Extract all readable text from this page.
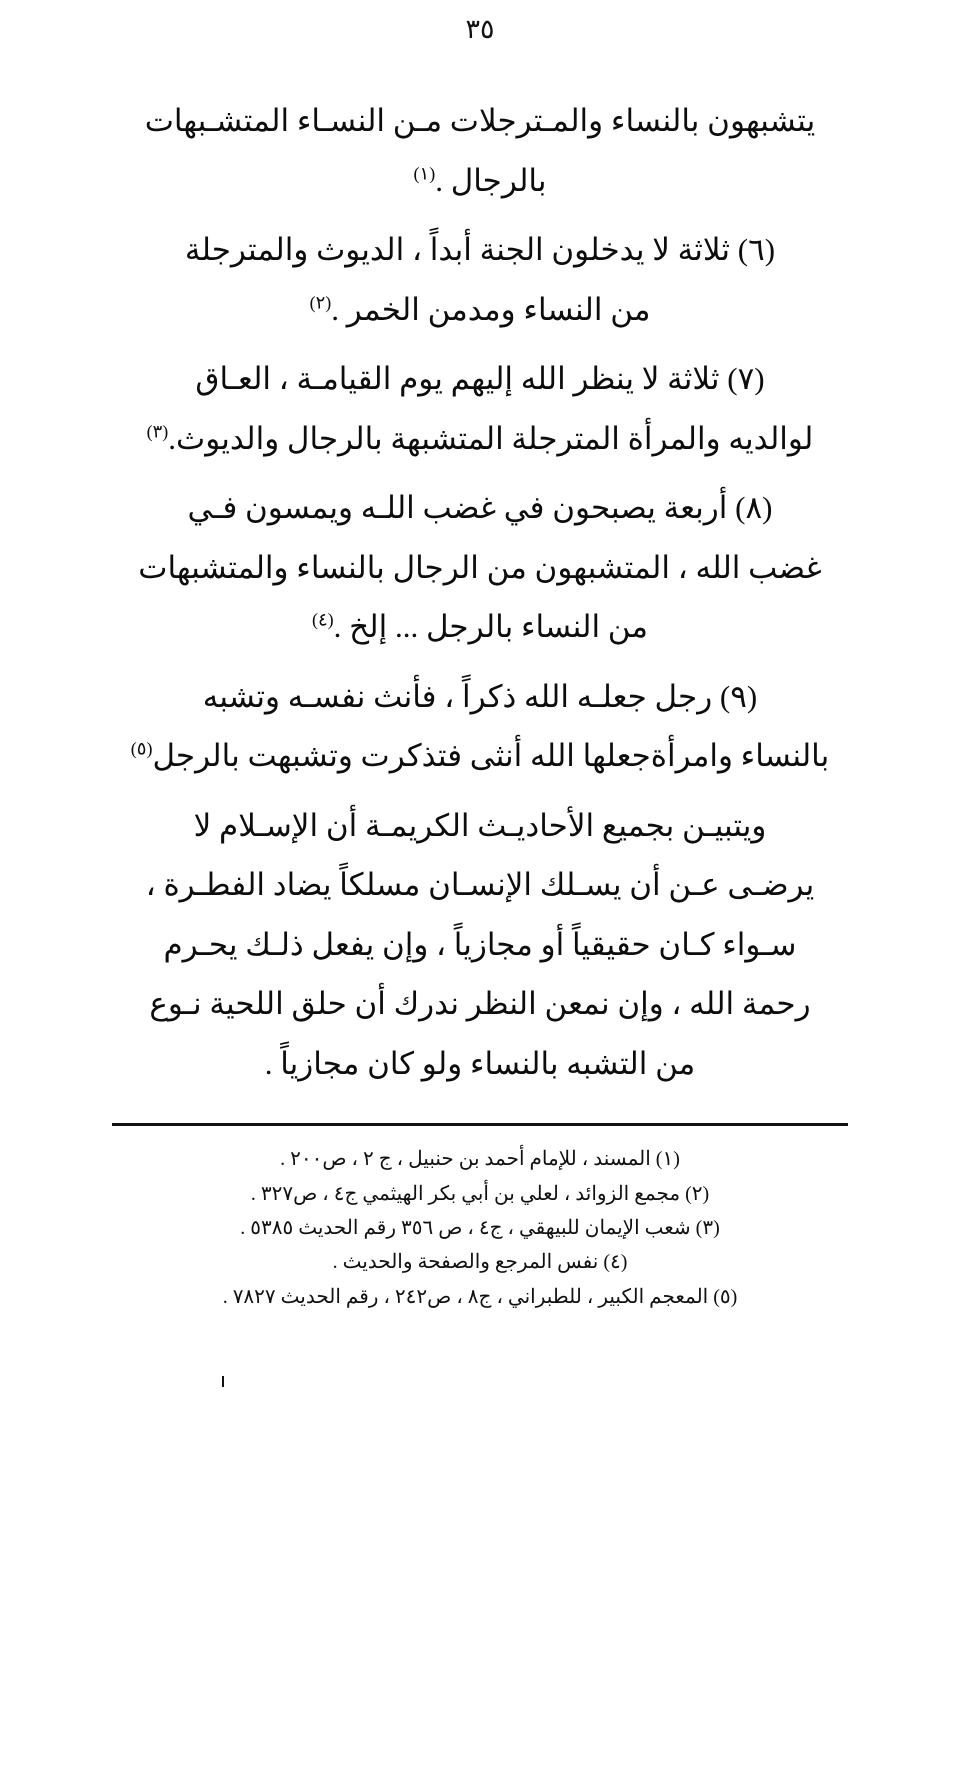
٣٥
يتشبهون بالنساء والمـترجلات مـن النسـاء المتشـبهات
بالرجال .$^{(١)}$
(٦) ثلاثة لا يدخلون الجنة أبداً ، الديوث والمترجلة
من النساء ومدمن الخمر .$^{(٢)}$
(٧) ثلاثة لا ينظر الله إليهم يوم القيامـة ، العـاق
لوالديه والمرأة المترجلة المتشبهة بالرجال والديوث.$^{(٣)}$
(٨) أربعة يصبحون في غضب اللـه ويمسون فـي
غضب الله ، المتشبهون من الرجال بالنساء والمتشبهات
من النساء بالرجل ... إلخ .$^{(٤)}$
(٩) رجل جعلـه الله ذكراً ، فأنث نفسـه وتشبه
بالنساء وامرأةجعلها الله أنثى فتذكرت وتشبهت بالرجل$^{(٥)}$
ويتبيـن بجميع الأحاديـث الكريمـة أن الإسـلام لا
يرضـى عـن أن يسـلك الإنسـان مسلكاً يضاد الفطـرة ،
سـواء كـان حقيقياً أو مجازياً ، وإن يفعل ذلـك يحـرم
رحمة الله ، وإن نمعن النظر ندرك أن حلق اللحية نـوع
من التشبه بالنساء ولو كان مجازياً .
(١) المسند ، للإمام أحمد بن حنبيل ، ج ٢ ، ص٢٠٠ .
(٢) مجمع الزوائد ، لعلي بن أبي بكر الهيثمي ج٤ ، ص٣٢٧ .
(٣) شعب الإيمان للبيهقي ، ج٤ ، ص ٣٥٦ رقم الحديث ٥٣٨٥ .
(٤) نفس المرجع والصفحة والحديث .
(٥) المعجم الكبير ، للطبراني ، ج٨ ، ص٢٤٢ ، رقم الحديث ٧٨٢٧ .
